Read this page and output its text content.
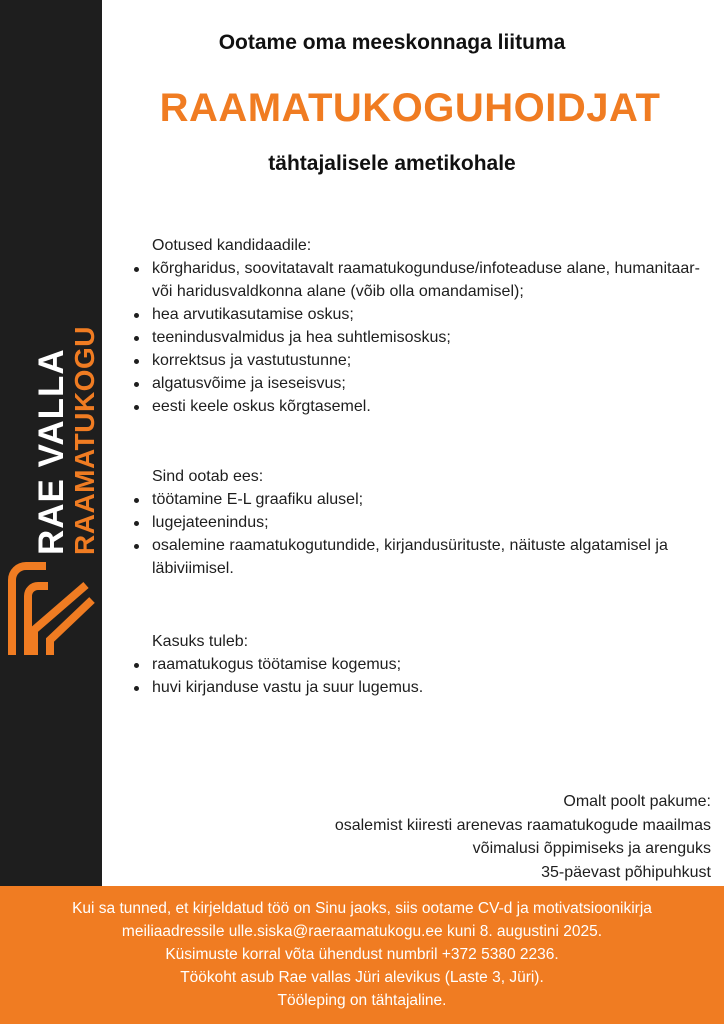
RAE VALLA
RAAMATUKOGU
Ootame oma meeskonnaga liituma
RAAMATUKOGUHOIDJAT
tähtajalisele ametikohale
Ootused kandidaadile:
kõrgharidus, soovitatavalt raamatukogunduse/infoteaduse alane, humanitaar- või haridusvaldkonna alane (võib olla omandamisel);
hea arvutikasutamise oskus;
teenindusvalmidus ja hea suhtlemisoskus;
korrektsus ja vastutustunne;
algatusvõime ja iseseisvus;
eesti keele oskus kõrgtasemel.
Sind ootab ees:
töötamine E-L graafiku alusel;
lugejateenindus;
osalemine raamatukogutundide, kirjandusürituste, näituste algatamisel ja läbiviimisel.
Kasuks tuleb:
raamatukogus töötamise kogemus;
huvi kirjanduse vastu ja suur lugemus.
Omalt poolt pakume:
osalemist kiiresti arenevas raamatukogude maailmas
võimalusi õppimiseks ja arenguks
35-päevast põhipuhkust
Kui sa tunned, et kirjeldatud töö on Sinu jaoks, siis ootame CV-d ja motivatsioonikirja
meiliaadressile ulle.siska@raeraamatukogu.ee kuni 8. augustini 2025.
Küsimuste korral võta ühendust numbril +372 5380 2236.
Töökoht asub Rae vallas Jüri alevikus (Laste 3, Jüri).
Tööleping on tähtajaline.
